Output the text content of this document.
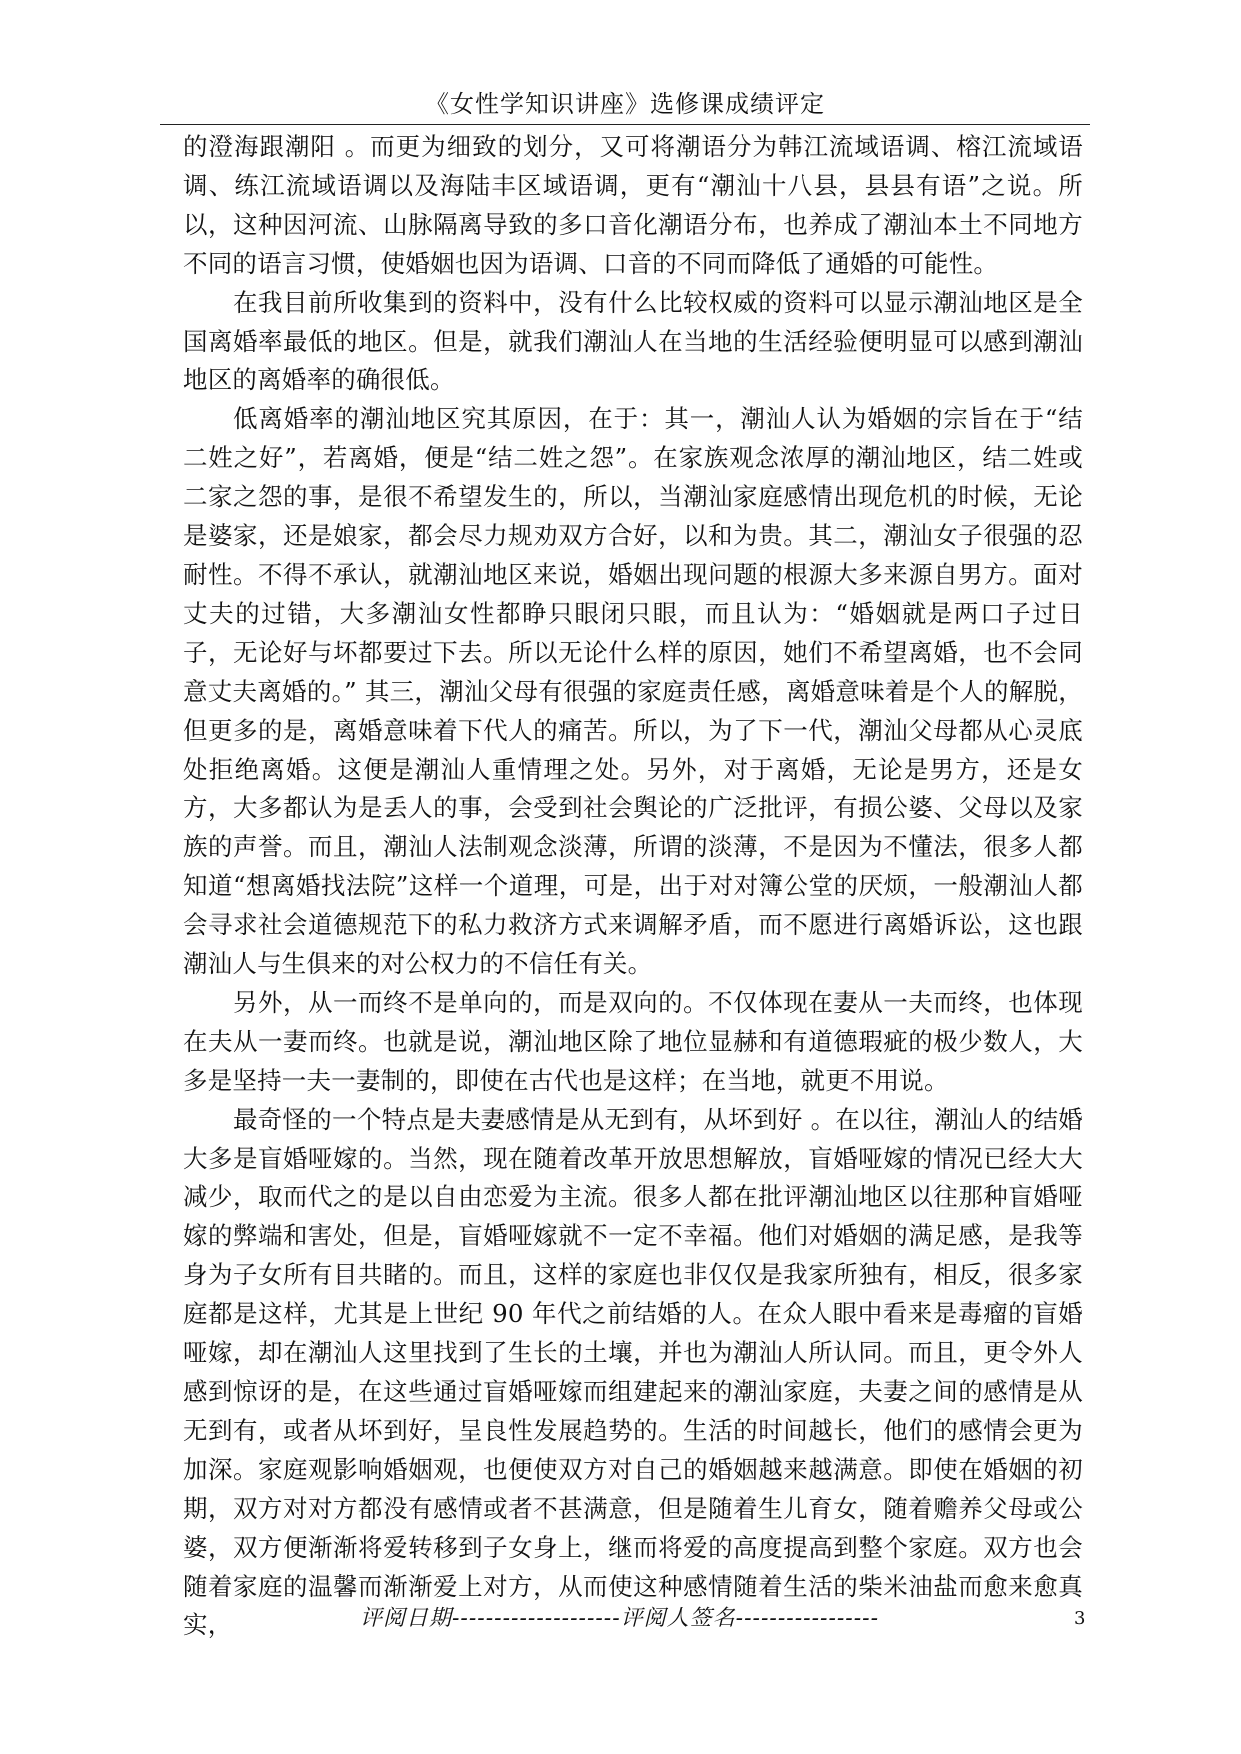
《女性学知识讲座》选修课成绩评定

的澄海跟潮阳 。而更为细致的划分，又可将潮语分为韩江流域语调、榕江流域语调、练江流域语调以及海陆丰区域语调，更有“潮汕十八县，县县有语”之说。所以，这种因河流、山脉隔离导致的多口音化潮语分布，也养成了潮汕本土不同地方不同的语言习惯，使婚姻也因为语调、口音的不同而降低了通婚的可能性。

在我目前所收集到的资料中，没有什么比较权威的资料可以显示潮汕地区是全国离婚率最低的地区。但是，就我们潮汕人在当地的生活经验便明显可以感到潮汕地区的离婚率的确很低。

低离婚率的潮汕地区究其原因，在于：其一，潮汕人认为婚姻的宗旨在于“结二姓之好”，若离婚，便是“结二姓之怨”。在家族观念浓厚的潮汕地区，结二姓或二家之怨的事，是很不希望发生的，所以，当潮汕家庭感情出现危机的时候，无论是婆家，还是娘家，都会尽力规劝双方合好，以和为贵。其二，潮汕女子很强的忍耐性。不得不承认，就潮汕地区来说，婚姻出现问题的根源大多来源自男方。面对丈夫的过错，大多潮汕女性都睁只眼闭只眼，而且认为：“婚姻就是两口子过日子，无论好与坏都要过下去。所以无论什么样的原因，她们不希望离婚，也不会同意丈夫离婚的。” 其三，潮汕父母有很强的家庭责任感，离婚意味着是个人的解脱，但更多的是，离婚意味着下代人的痛苦。所以，为了下一代，潮汕父母都从心灵底处拒绝离婚。这便是潮汕人重情理之处。另外，对于离婚，无论是男方，还是女方，大多都认为是丢人的事，会受到社会舆论的广泛批评，有损公婆、父母以及家族的声誉。而且，潮汕人法制观念淡薄，所谓的淡薄，不是因为不懂法，很多人都知道“想离婚找法院”这样一个道理，可是，出于对对簿公堂的厌烦，一般潮汕人都会寻求社会道德规范下的私力救济方式来调解矛盾，而不愿进行离婚诉讼，这也跟潮汕人与生俱来的对公权力的不信任有关。

另外，从一而终不是单向的，而是双向的。不仅体现在妻从一夫而终，也体现在夫从一妻而终。也就是说，潮汕地区除了地位显赫和有道德瑕疵的极少数人，大多是坚持一夫一妻制的，即使在古代也是这样；在当地，就更不用说。

最奇怪的一个特点是夫妻感情是从无到有，从坏到好 。在以往，潮汕人的结婚大多是盲婚哑嫁的。当然，现在随着改革开放思想解放，盲婚哑嫁的情况已经大大减少，取而代之的是以自由恋爱为主流。很多人都在批评潮汕地区以往那种盲婚哑嫁的弊端和害处，但是，盲婚哑嫁就不一定不幸福。他们对婚姻的满足感，是我等身为子女所有目共睹的。而且，这样的家庭也非仅仅是我家所独有，相反，很多家庭都是这样，尤其是上世纪 90 年代之前结婚的人。在众人眼中看来是毒瘤的盲婚哑嫁，却在潮汕人这里找到了生长的土壤，并也为潮汕人所认同。而且，更令外人感到惊讶的是，在这些通过盲婚哑嫁而组建起来的潮汕家庭，夫妻之间的感情是从无到有，或者从坏到好，呈良性发展趋势的。生活的时间越长，他们的感情会更为加深。家庭观影响婚姻观，也便使双方对自己的婚姻越来越满意。即使在婚姻的初期，双方对对方都没有感情或者不甚满意，但是随着生儿育女，随着赡养父母或公婆，双方便渐渐将爱转移到子女身上，继而将爱的高度提高到整个家庭。双方也会随着家庭的温馨而渐渐爱上对方，从而使这种感情随着生活的柴米油盐而愈来愈真实，	评阅日期--------------------评阅人签名-----------------	3
